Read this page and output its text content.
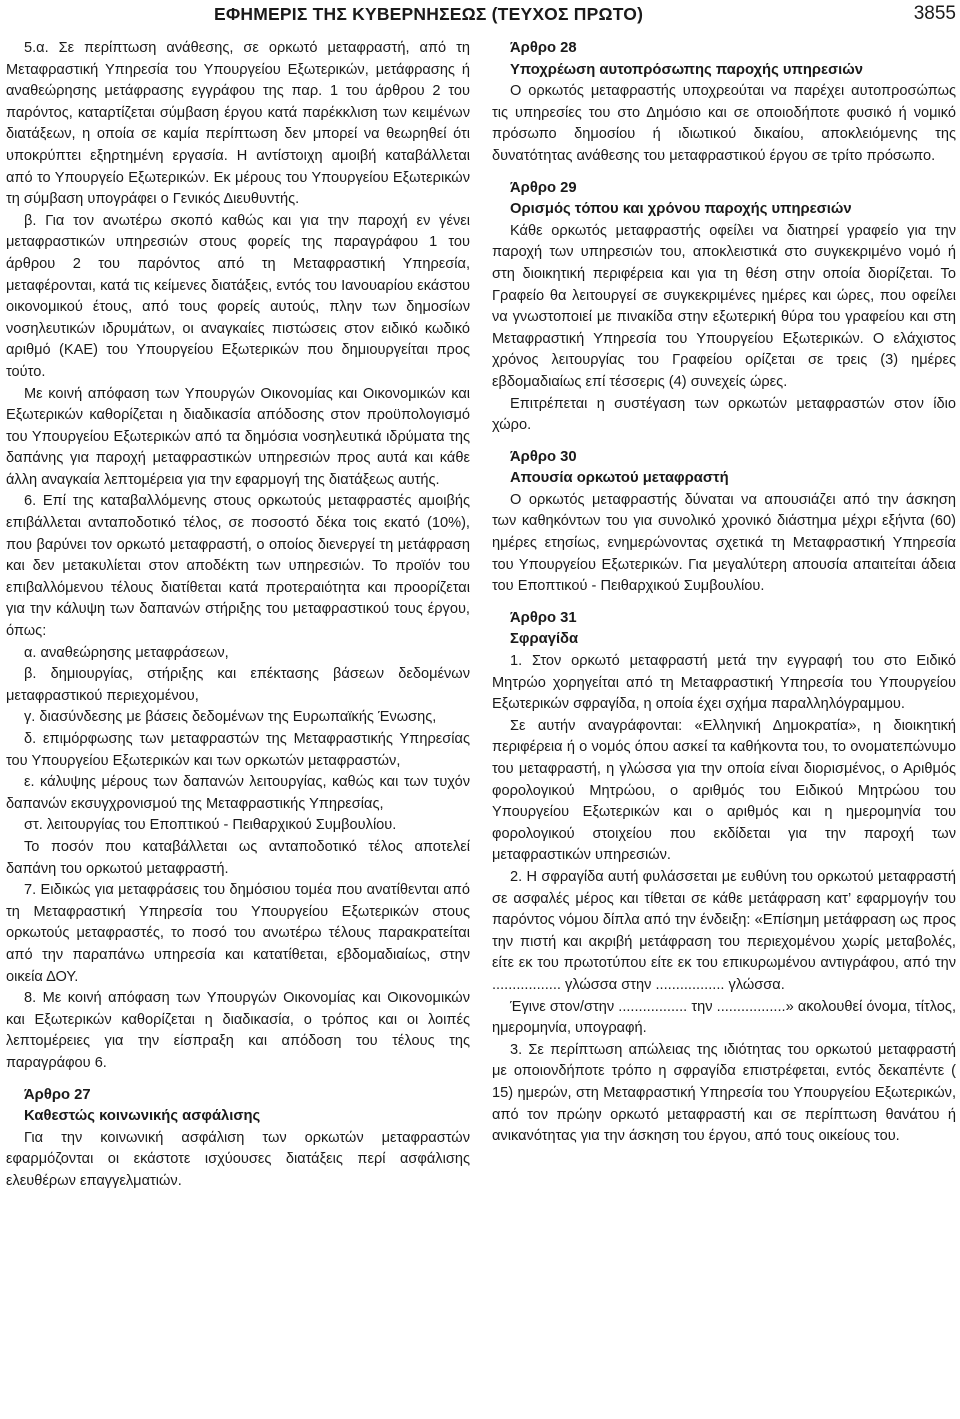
ΕΦΗΜΕΡΙΣ ΤΗΣ ΚΥΒΕΡΝΗΣΕΩΣ (ΤΕΥΧΟΣ ΠΡΩΤΟ)	3855

5.α. Σε περίπτωση ανάθεσης, σε ορκωτό μεταφραστή, από τη Μεταφραστική Υπηρεσία του Υπουργείου Εξωτερικών, μετάφρασης ή αναθεώρησης μετάφρασης εγγράφου της παρ. 1 του άρθρου 2 του παρόντος, καταρτίζεται σύμβαση έργου κατά παρέκκλιση των κειμένων διατάξεων, η οποία σε καμία περίπτωση δεν μπορεί να θεωρηθεί ότι υποκρύπτει εξηρτημένη εργασία. Η αντίστοιχη αμοιβή καταβάλλεται από το Υπουργείο Εξωτερικών. Εκ μέρους του Υπουργείου Εξωτερικών τη σύμβαση υπογράφει ο Γενικός Διευθυντής.

β. Για τον ανωτέρω σκοπό καθώς και για την παροχή εν γένει μεταφραστικών υπηρεσιών στους φορείς της παραγράφου 1 του άρθρου 2 του παρόντος από τη Μεταφραστική Υπηρεσία, μεταφέρονται, κατά τις κείμενες διατάξεις, εντός του Ιανουαρίου εκάστου οικονομικού έτους, από τους φορείς αυτούς, πλην των δημοσίων νοσηλευτικών ιδρυμάτων, οι αναγκαίες πιστώσεις στον ειδικό κωδικό αριθμό (ΚΑΕ) του Υπουργείου Εξωτερικών που δημιουργείται προς τούτο.

Με κοινή απόφαση των Υπουργών Οικονομίας και Οικονομικών και Εξωτερικών καθορίζεται η διαδικασία απόδοσης στον προϋπολογισμό του Υπουργείου Εξωτερικών από τα δημόσια νοσηλευτικά ιδρύματα της δαπάνης για παροχή μεταφραστικών υπηρεσιών προς αυτά και κάθε άλλη αναγκαία λεπτομέρεια για την εφαρμογή της διατάξεως αυτής.

6. Επί της καταβαλλόμενης στους ορκωτούς μεταφραστές αμοιβής επιβάλλεται ανταποδοτικό τέλος, σε ποσοστό δέκα τοις εκατό (10%), που βαρύνει τον ορκωτό μεταφραστή, ο οποίος διενεργεί τη μετάφραση και δεν μετακυλίεται στον αποδέκτη των υπηρεσιών. Το προϊόν του επιβαλλόμενου τέλους διατίθεται κατά προτεραιότητα και προορίζεται για την κάλυψη των δαπανών στήριξης του μεταφραστικού τους έργου, όπως:

α. αναθεώρησης μεταφράσεων,

β. δημιουργίας, στήριξης και επέκτασης βάσεων δεδομένων μεταφραστικού περιεχομένου,

γ. διασύνδεσης με βάσεις δεδομένων της Ευρωπαϊκής Ένωσης,

δ. επιμόρφωσης των μεταφραστών της Μεταφραστικής Υπηρεσίας του Υπουργείου Εξωτερικών και των ορκωτών μεταφραστών,

ε. κάλυψης μέρους των δαπανών λειτουργίας, καθώς και των τυχόν δαπανών εκσυγχρονισμού της Μεταφραστικής Υπηρεσίας,

στ. λειτουργίας του Εποπτικού - Πειθαρχικού Συμβουλίου.

Το ποσόν που καταβάλλεται ως ανταποδοτικό τέλος αποτελεί δαπάνη του ορκωτού μεταφραστή.

7. Ειδικώς για μεταφράσεις του δημόσιου τομέα που ανατίθενται από τη Μεταφραστική Υπηρεσία του Υπουργείου Εξωτερικών στους ορκωτούς μεταφραστές, το ποσό του ανωτέρω τέλους παρακρατείται από την παραπάνω υπηρεσία και κατατίθεται, εβδομαδιαίως, στην οικεία ΔΟΥ.

8. Με κοινή απόφαση των Υπουργών Οικονομίας και Οικονομικών και Εξωτερικών καθορίζεται η διαδικασία, ο τρόπος και οι λοιπές λεπτομέρειες για την είσπραξη και απόδοση του τέλους της παραγράφου 6.

Άρθρο 27

Καθεστώς κοινωνικής ασφάλισης

Για την κοινωνική ασφάλιση των ορκωτών μεταφραστών εφαρμόζονται οι εκάστοτε ισχύουσες διατάξεις περί ασφάλισης ελευθέρων επαγγελματιών.

Άρθρο 28

Υποχρέωση αυτοπρόσωπης παροχής υπηρεσιών

Ο ορκωτός μεταφραστής υποχρεούται να παρέχει αυτοπροσώπως τις υπηρεσίες του στο Δημόσιο και σε οποιοδήποτε φυσικό ή νομικό πρόσωπο δημοσίου ή ιδιωτικού δικαίου, αποκλειόμενης της δυνατότητας ανάθεσης του μεταφραστικού έργου σε τρίτο πρόσωπο.

Άρθρο 29

Ορισμός τόπου και χρόνου παροχής υπηρεσιών

Κάθε ορκωτός μεταφραστής οφείλει να διατηρεί γραφείο για την παροχή των υπηρεσιών του, αποκλειστικά στο συγκεκριμένο νομό ή στη διοικητική περιφέρεια και για τη θέση στην οποία διορίζεται. Το Γραφείο θα λειτουργεί σε συγκεκριμένες ημέρες και ώρες, που οφείλει να γνωστοποιεί με πινακίδα στην εξωτερική θύρα του γραφείου και στη Μεταφραστική Υπηρεσία του Υπουργείου Εξωτερικών. Ο ελάχιστος χρόνος λειτουργίας του Γραφείου ορίζεται σε τρεις (3) ημέρες εβδομαδιαίως επί τέσσερις (4) συνεχείς ώρες.

Επιτρέπεται η συστέγαση των ορκωτών μεταφραστών στον ίδιο χώρο.

Άρθρο 30

Απουσία ορκωτού μεταφραστή

Ο ορκωτός μεταφραστής δύναται να απουσιάζει από την άσκηση των καθηκόντων του για συνολικό χρονικό διάστημα μέχρι εξήντα (60) ημέρες ετησίως, ενημερώνοντας σχετικά τη Μεταφραστική Υπηρεσία του Υπουργείου Εξωτερικών. Για μεγαλύτερη απουσία απαιτείται άδεια του Εποπτικού - Πειθαρχικού Συμβουλίου.

Άρθρο 31

Σφραγίδα

1. Στον ορκωτό μεταφραστή μετά την εγγραφή του στο Ειδικό Μητρώο χορηγείται από τη Μεταφραστική Υπηρεσία του Υπουργείου Εξωτερικών σφραγίδα, η οποία έχει σχήμα παραλληλόγραμμου.

Σε αυτήν αναγράφονται: «Ελληνική Δημοκρατία», η διοικητική περιφέρεια ή ο νομός όπου ασκεί τα καθήκοντα του, το ονοματεπώνυμο του μεταφραστή, η γλώσσα για την οποία είναι διορισμένος, ο Αριθμός φορολογικού Μητρώου, ο αριθμός του Ειδικού Μητρώου του Υπουργείου Εξωτερικών και ο αριθμός και η ημερομηνία του φορολογικού στοιχείου που εκδίδεται για την παροχή των μεταφραστικών υπηρεσιών.

2. Η σφραγίδα αυτή φυλάσσεται με ευθύνη του ορκωτού μεταφραστή σε ασφαλές μέρος και τίθεται σε κάθε μετάφραση κατ’ εφαρμογήν του παρόντος νόμου δίπλα από την ένδειξη: «Επίσημη μετάφραση ως προς την πιστή και ακριβή μετάφραση του περιεχομένου χωρίς μεταβολές, είτε εκ του πρωτοτύπου είτε εκ του επικυρωμένου αντιγράφου, από την ................. γλώσσα στην ................. γλώσσα.

Έγινε στον/στην ................. την .................» ακολουθεί όνομα, τίτλος, ημερομηνία, υπογραφή.

3. Σε περίπτωση απώλειας της ιδιότητας του ορκωτού μεταφραστή με οποιονδήποτε τρόπο η σφραγίδα επιστρέφεται, εντός δεκαπέντε ( 15) ημερών, στη Μεταφραστική Υπηρεσία του Υπουργείου Εξωτερικών, από τον πρώην ορκωτό μεταφραστή και σε περίπτωση θανάτου ή ανικανότητας για την άσκηση του έργου, από τους οικείους του.
